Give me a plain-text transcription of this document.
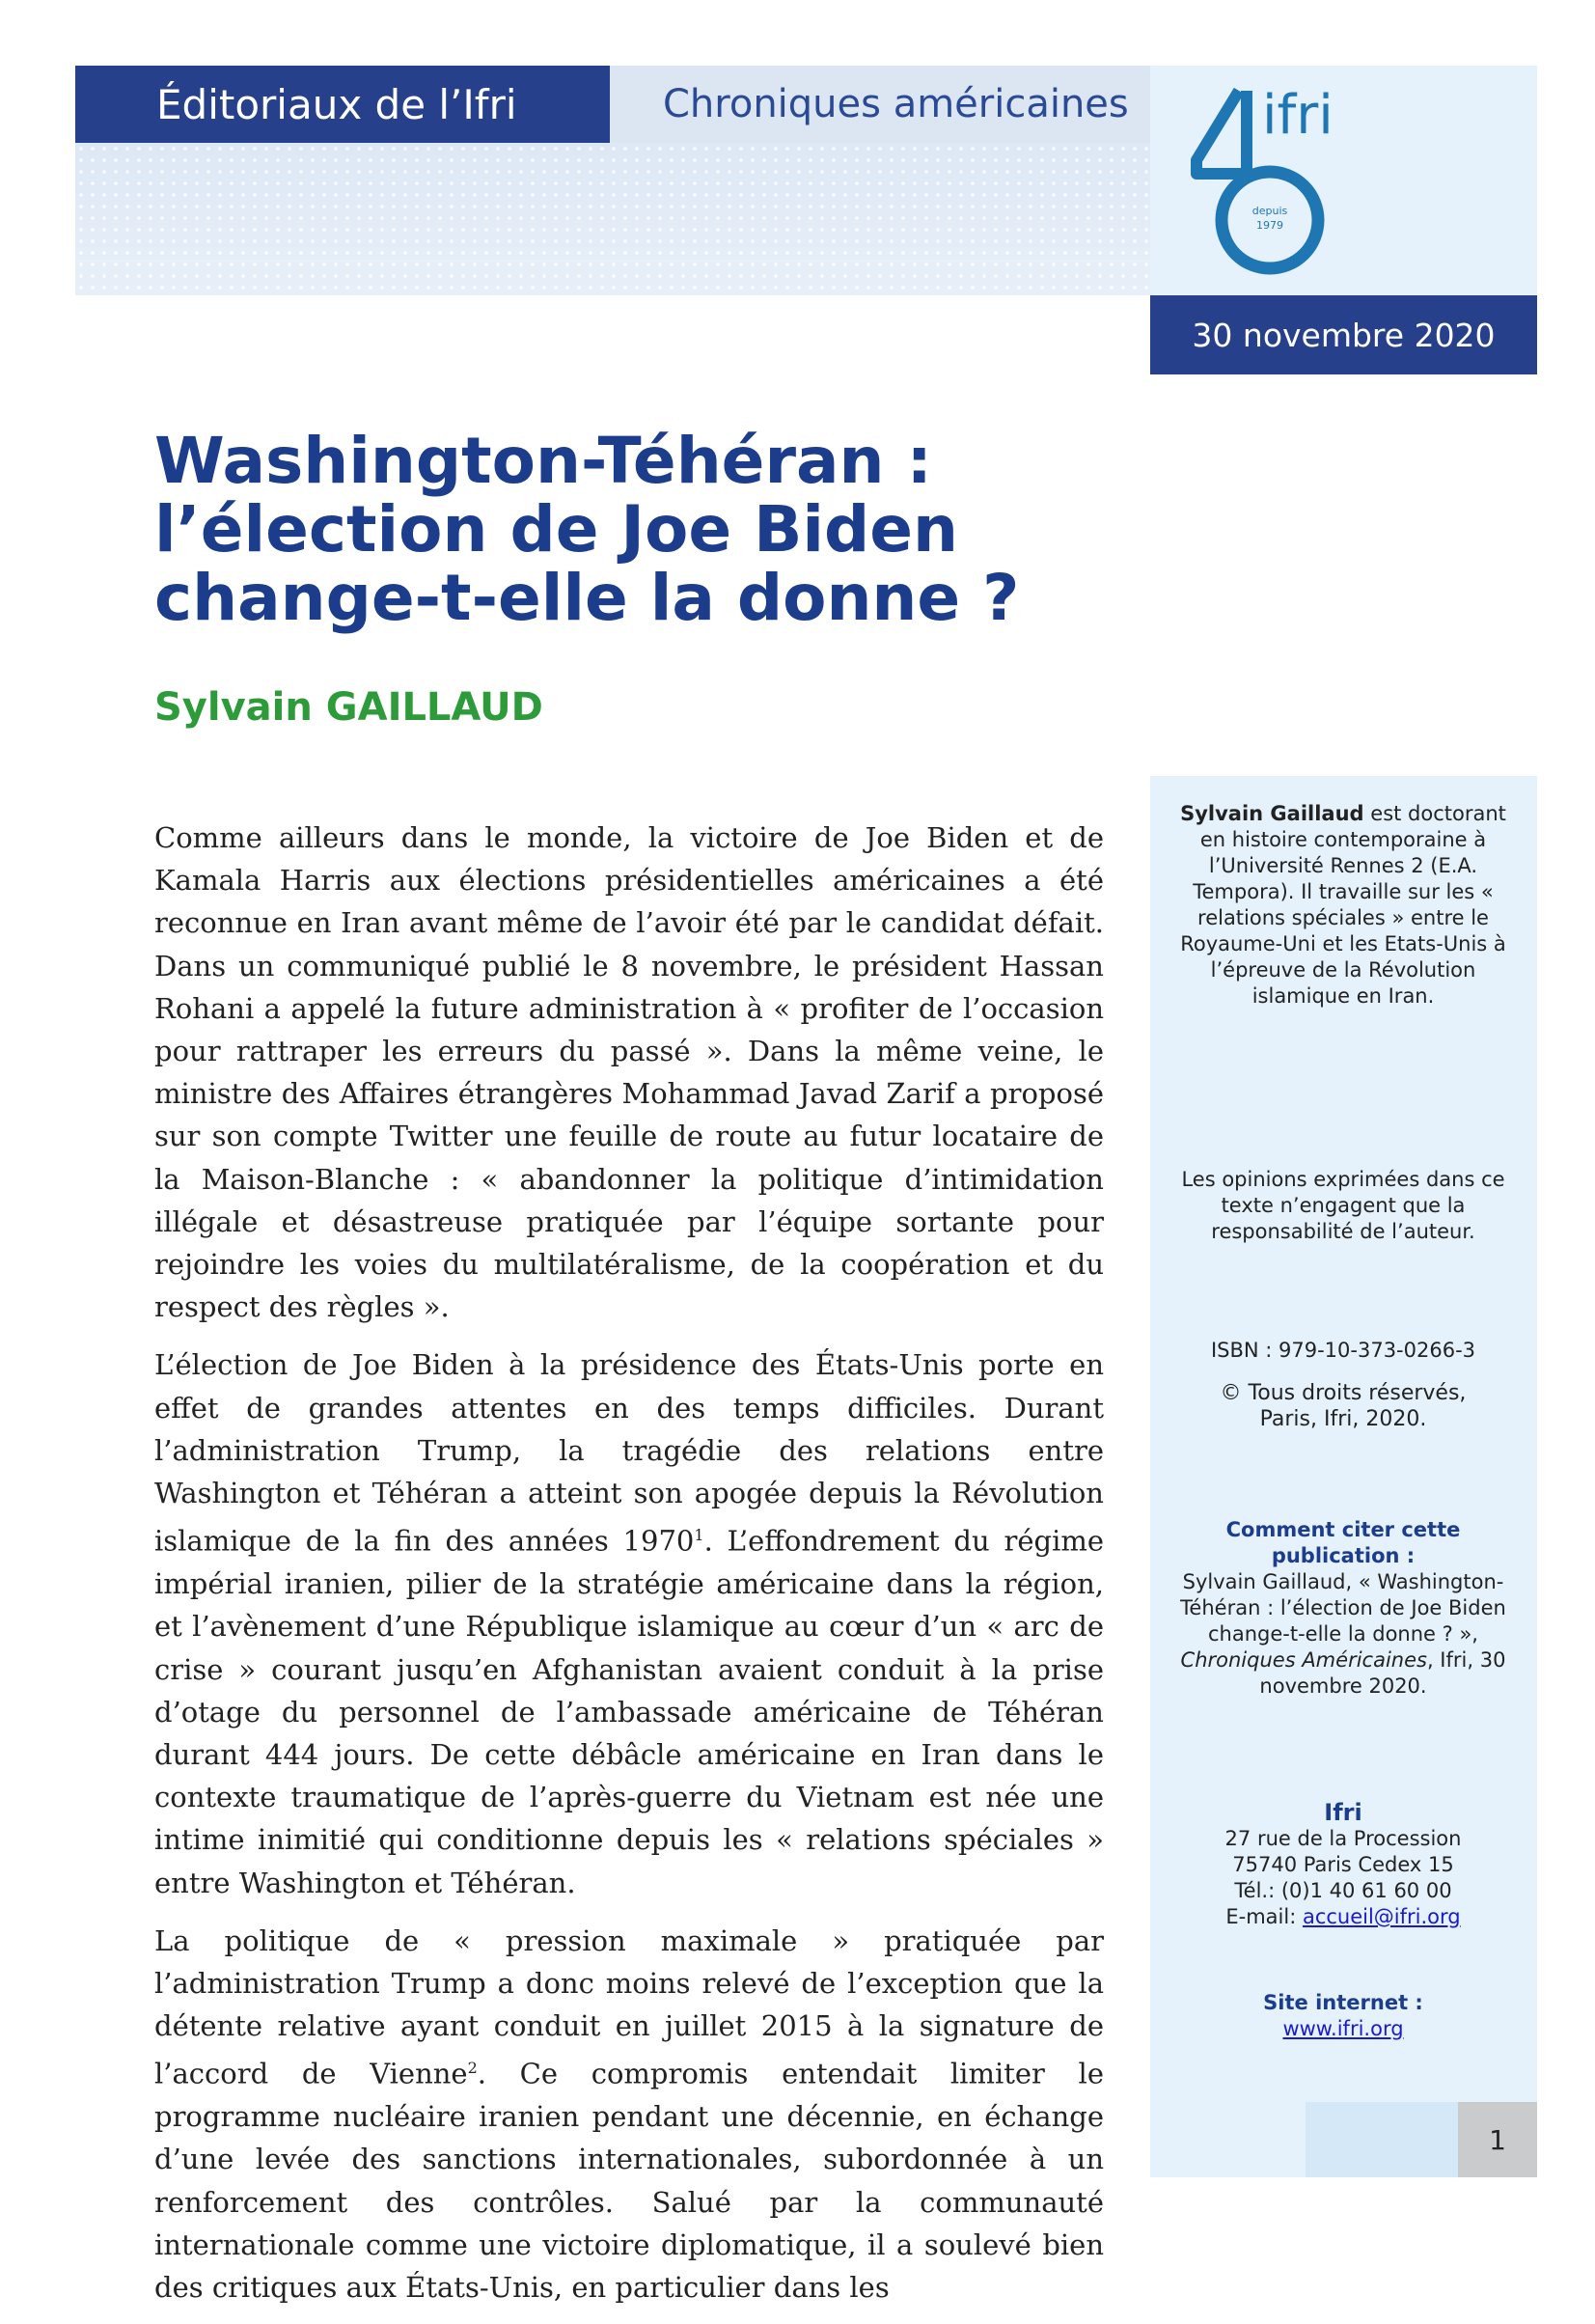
Éditoriaux de l’Ifri	Chroniques américaines	ifri
depuis
1979
30 novembre 2020
Washington-Téhéran :
l’élection de Joe Biden
change-t-elle la donne ?

Sylvain GAILLAUD

Comme ailleurs dans le monde, la victoire de Joe Biden et de Kamala Harris aux élections présidentielles américaines a été reconnue en Iran avant même de l’avoir été par le candidat défait. Dans un communiqué publié le 8 novembre, le président Hassan Rohani a appelé la future administration à « profiter de l’occasion pour rattraper les erreurs du passé ». Dans la même veine, le ministre des Affaires étrangères Mohammad Javad Zarif a proposé sur son compte Twitter une feuille de route au futur locataire de la Maison-Blanche : « abandonner la politique d’intimidation illégale et désastreuse pratiquée par l’équipe sortante pour rejoindre les voies du multilatéralisme, de la coopération et du respect des règles ».

L’élection de Joe Biden à la présidence des États-Unis porte en effet de grandes attentes en des temps difficiles. Durant l’administration Trump, la tragédie des relations entre Washington et Téhéran a atteint son apogée depuis la Révolution islamique de la fin des années 1970$^1$. L’effondrement du régime impérial iranien, pilier de la stratégie américaine dans la région, et l’avènement d’une République islamique au cœur d’un « arc de crise » courant jusqu’en Afghanistan avaient conduit à la prise d’otage du personnel de l’ambassade américaine de Téhéran durant 444 jours. De cette débâcle américaine en Iran dans le contexte traumatique de l’après-guerre du Vietnam est née une intime inimitié qui conditionne depuis les « relations spéciales » entre Washington et Téhéran.

La politique de « pression maximale » pratiquée par l’administration Trump a donc moins relevé de l’exception que la détente relative ayant conduit en juillet 2015 à la signature de l’accord de Vienne$^2$. Ce compromis entendait limiter le programme nucléaire iranien pendant une décennie, en échange d’une levée des sanctions internationales, subordonnée à un renforcement des contrôles. Salué par la communauté internationale comme une victoire diplomatique, il a soulevé bien des critiques aux États-Unis, en particulier dans les

Sylvain Gaillaud est doctorant en histoire contemporaine à l’Université Rennes 2 (E.A. Tempora). Il travaille sur les « relations spéciales » entre le Royaume-Uni et les Etats-Unis à l’épreuve de la Révolution islamique en Iran.
Les opinions exprimées dans ce texte n’engagent que la responsabilité de l’auteur.
ISBN : 979-10-373-0266-3
© Tous droits réservés,
Paris, Ifri, 2020.
Comment citer cette publication :
Sylvain Gaillaud, « Washington-Téhéran : l’élection de Joe Biden change-t-elle la donne ? », Chroniques Américaines, Ifri, 30 novembre 2020.
Ifri
27 rue de la Procession
75740 Paris Cedex 15
Tél.: (0)1 40 61 60 00
E-mail: accueil@ifri.org
Site internet :
www.ifri.org
1
